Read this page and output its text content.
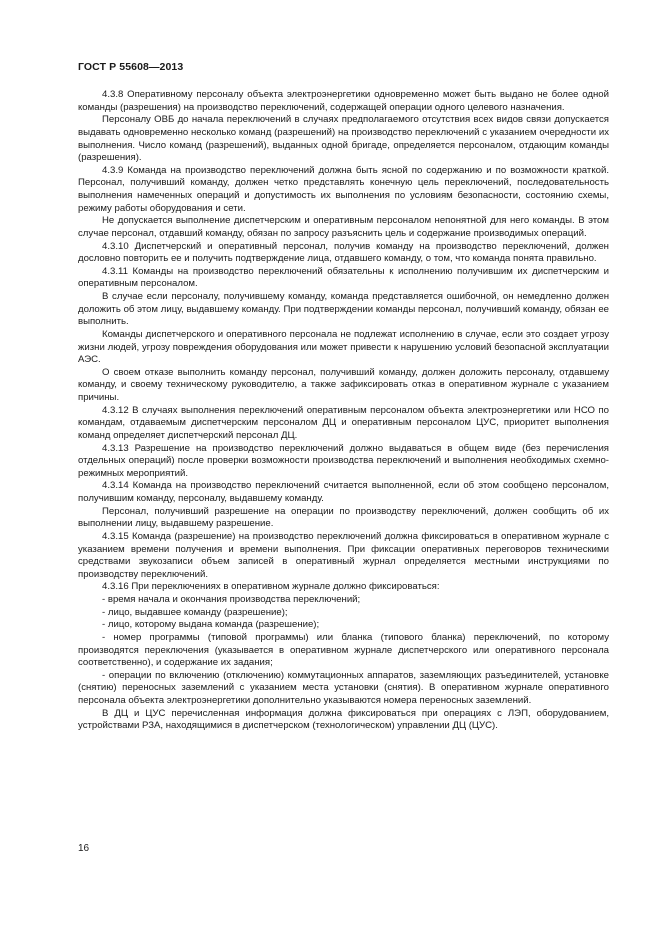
ГОСТ Р 55608—2013

4.3.8 Оперативному персоналу объекта электроэнергетики одновременно может быть выдано не более одной команды (разрешения) на производство переключений, содержащей операции одного целевого назначения.

Персоналу ОВБ до начала переключений в случаях предполагаемого отсутствия всех видов связи допускается выдавать одновременно несколько команд (разрешений) на производство переключений с указанием очередности их выполнения. Число команд (разрешений), выданных одной бригаде, определяется персоналом, отдающим команды (разрешения).

4.3.9 Команда на производство переключений должна быть ясной по содержанию и по возможности краткой. Персонал, получивший команду, должен четко представлять конечную цель переключений, последовательность выполнения намеченных операций и допустимость их выполнения по условиям безопасности, состоянию схемы, режиму работы оборудования и сети.

Не допускается выполнение диспетчерским и оперативным персоналом непонятной для него команды. В этом случае персонал, отдавший команду, обязан по запросу разъяснить цель и содержание производимых операций.

4.3.10 Диспетчерский и оперативный персонал, получив команду на производство переключений, должен дословно повторить ее и получить подтверждение лица, отдавшего команду, о том, что команда понята правильно.

4.3.11 Команды на производство переключений обязательны к исполнению получившим их диспетчерским и оперативным персоналом.

В случае если персоналу, получившему команду, команда представляется ошибочной, он немедленно должен доложить об этом лицу, выдавшему команду. При подтверждении команды персонал, получивший команду, обязан ее выполнить.

Команды диспетчерского и оперативного персонала не подлежат исполнению в случае, если это создает угрозу жизни людей, угрозу повреждения оборудования или может привести к нарушению условий безопасной эксплуатации АЭС.

О своем отказе выполнить команду персонал, получивший команду, должен доложить персоналу, отдавшему команду, и своему техническому руководителю, а также зафиксировать отказ в оперативном журнале с указанием причины.

4.3.12 В случаях выполнения переключений оперативным персоналом объекта электроэнергетики или НСО по командам, отдаваемым диспетчерским персоналом ДЦ и оперативным персоналом ЦУС, приоритет выполнения команд определяет диспетчерский персонал ДЦ.

4.3.13 Разрешение на производство переключений должно выдаваться в общем виде (без перечисления отдельных операций) после проверки возможности производства переключений и выполнения необходимых схемно-режимных мероприятий.

4.3.14 Команда на производство переключений считается выполненной, если об этом сообщено персоналом, получившим команду, персоналу, выдавшему команду.

Персонал, получивший разрешение на операции по производству переключений, должен сообщить об их выполнении лицу, выдавшему разрешение.

4.3.15 Команда (разрешение) на производство переключений должна фиксироваться в оперативном журнале с указанием времени получения и времени выполнения. При фиксации оперативных переговоров техническими средствами звукозаписи объем записей в оперативный журнал определяется местными инструкциями по производству переключений.

4.3.16 При переключениях в оперативном журнале должно фиксироваться:

- время начала и окончания производства переключений;

- лицо, выдавшее команду (разрешение);

- лицо, которому выдана команда (разрешение);

- номер программы (типовой программы) или бланка (типового бланка) переключений, по которому производятся переключения (указывается в оперативном журнале диспетчерского или оперативного персонала соответственно), и содержание их задания;

- операции по включению (отключению) коммутационных аппаратов, заземляющих разъединителей, установке (снятию) переносных заземлений с указанием места установки (снятия). В оперативном журнале оперативного персонала объекта электроэнергетики дополнительно указываются номера переносных заземлений.

В ДЦ и ЦУС перечисленная информация должна фиксироваться при операциях с ЛЭП, оборудованием, устройствами РЗА, находящимися в диспетчерском (технологическом) управлении ДЦ (ЦУС).

16
